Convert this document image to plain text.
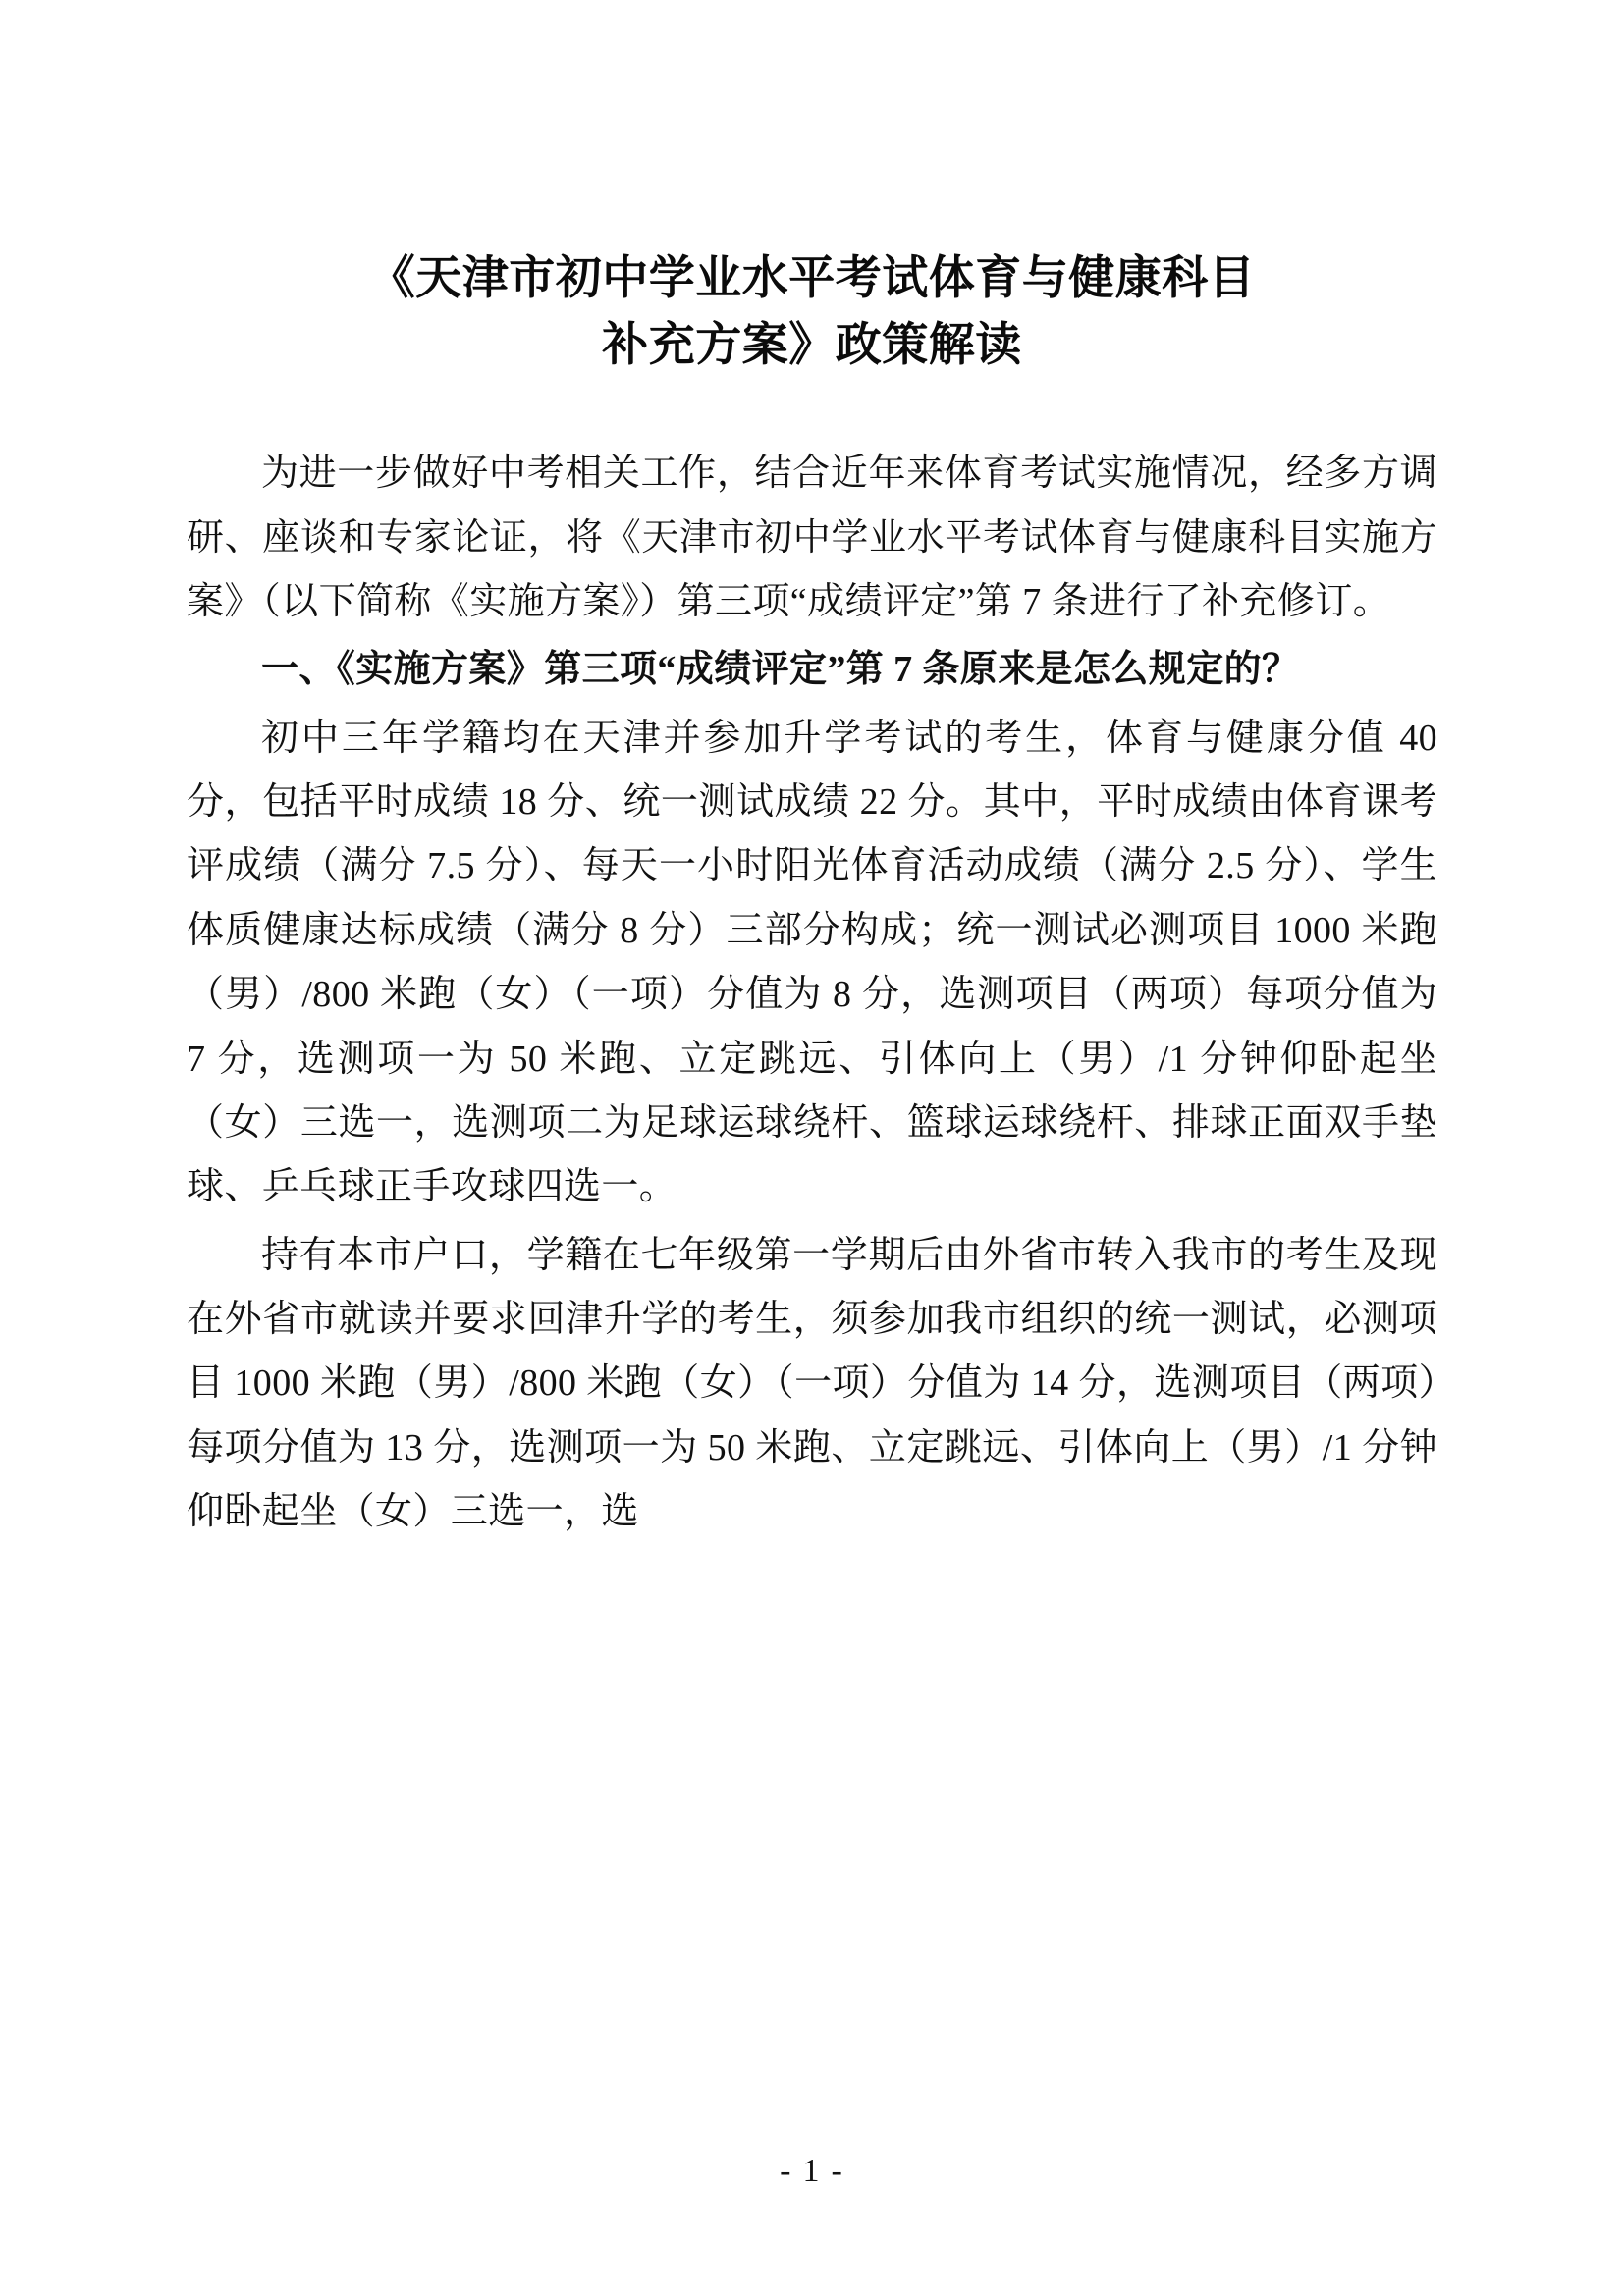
《天津市初中学业水平考试体育与健康科目
补充方案》政策解读

为进一步做好中考相关工作，结合近年来体育考试实施情况，经多方调研、座谈和专家论证，将《天津市初中学业水平考试体育与健康科目实施方案》（以下简称《实施方案》）第三项“成绩评定”第 7 条进行了补充修订。

一、《实施方案》第三项“成绩评定”第 7 条原来是怎么规定的？

初中三年学籍均在天津并参加升学考试的考生，体育与健康分值 40 分，包括平时成绩 18 分、统一测试成绩 22 分。其中，平时成绩由体育课考评成绩（满分 7.5 分）、每天一小时阳光体育活动成绩（满分 2.5 分）、学生体质健康达标成绩（满分 8 分）三部分构成；统一测试必测项目 1000 米跑（男）/800 米跑（女）（一项）分值为 8 分，选测项目（两项）每项分值为 7 分，选测项一为 50 米跑、立定跳远、引体向上（男）/1 分钟仰卧起坐（女）三选一，选测项二为足球运球绕杆、篮球运球绕杆、排球正面双手垫球、乒乓球正手攻球四选一。

持有本市户口，学籍在七年级第一学期后由外省市转入我市的考生及现在外省市就读并要求回津升学的考生，须参加我市组织的统一测试，必测项目 1000 米跑（男）/800 米跑（女）（一项）分值为 14 分，选测项目（两项）每项分值为 13 分，选测项一为 50 米跑、立定跳远、引体向上（男）/1 分钟仰卧起坐（女）三选一，选

- 1 -
